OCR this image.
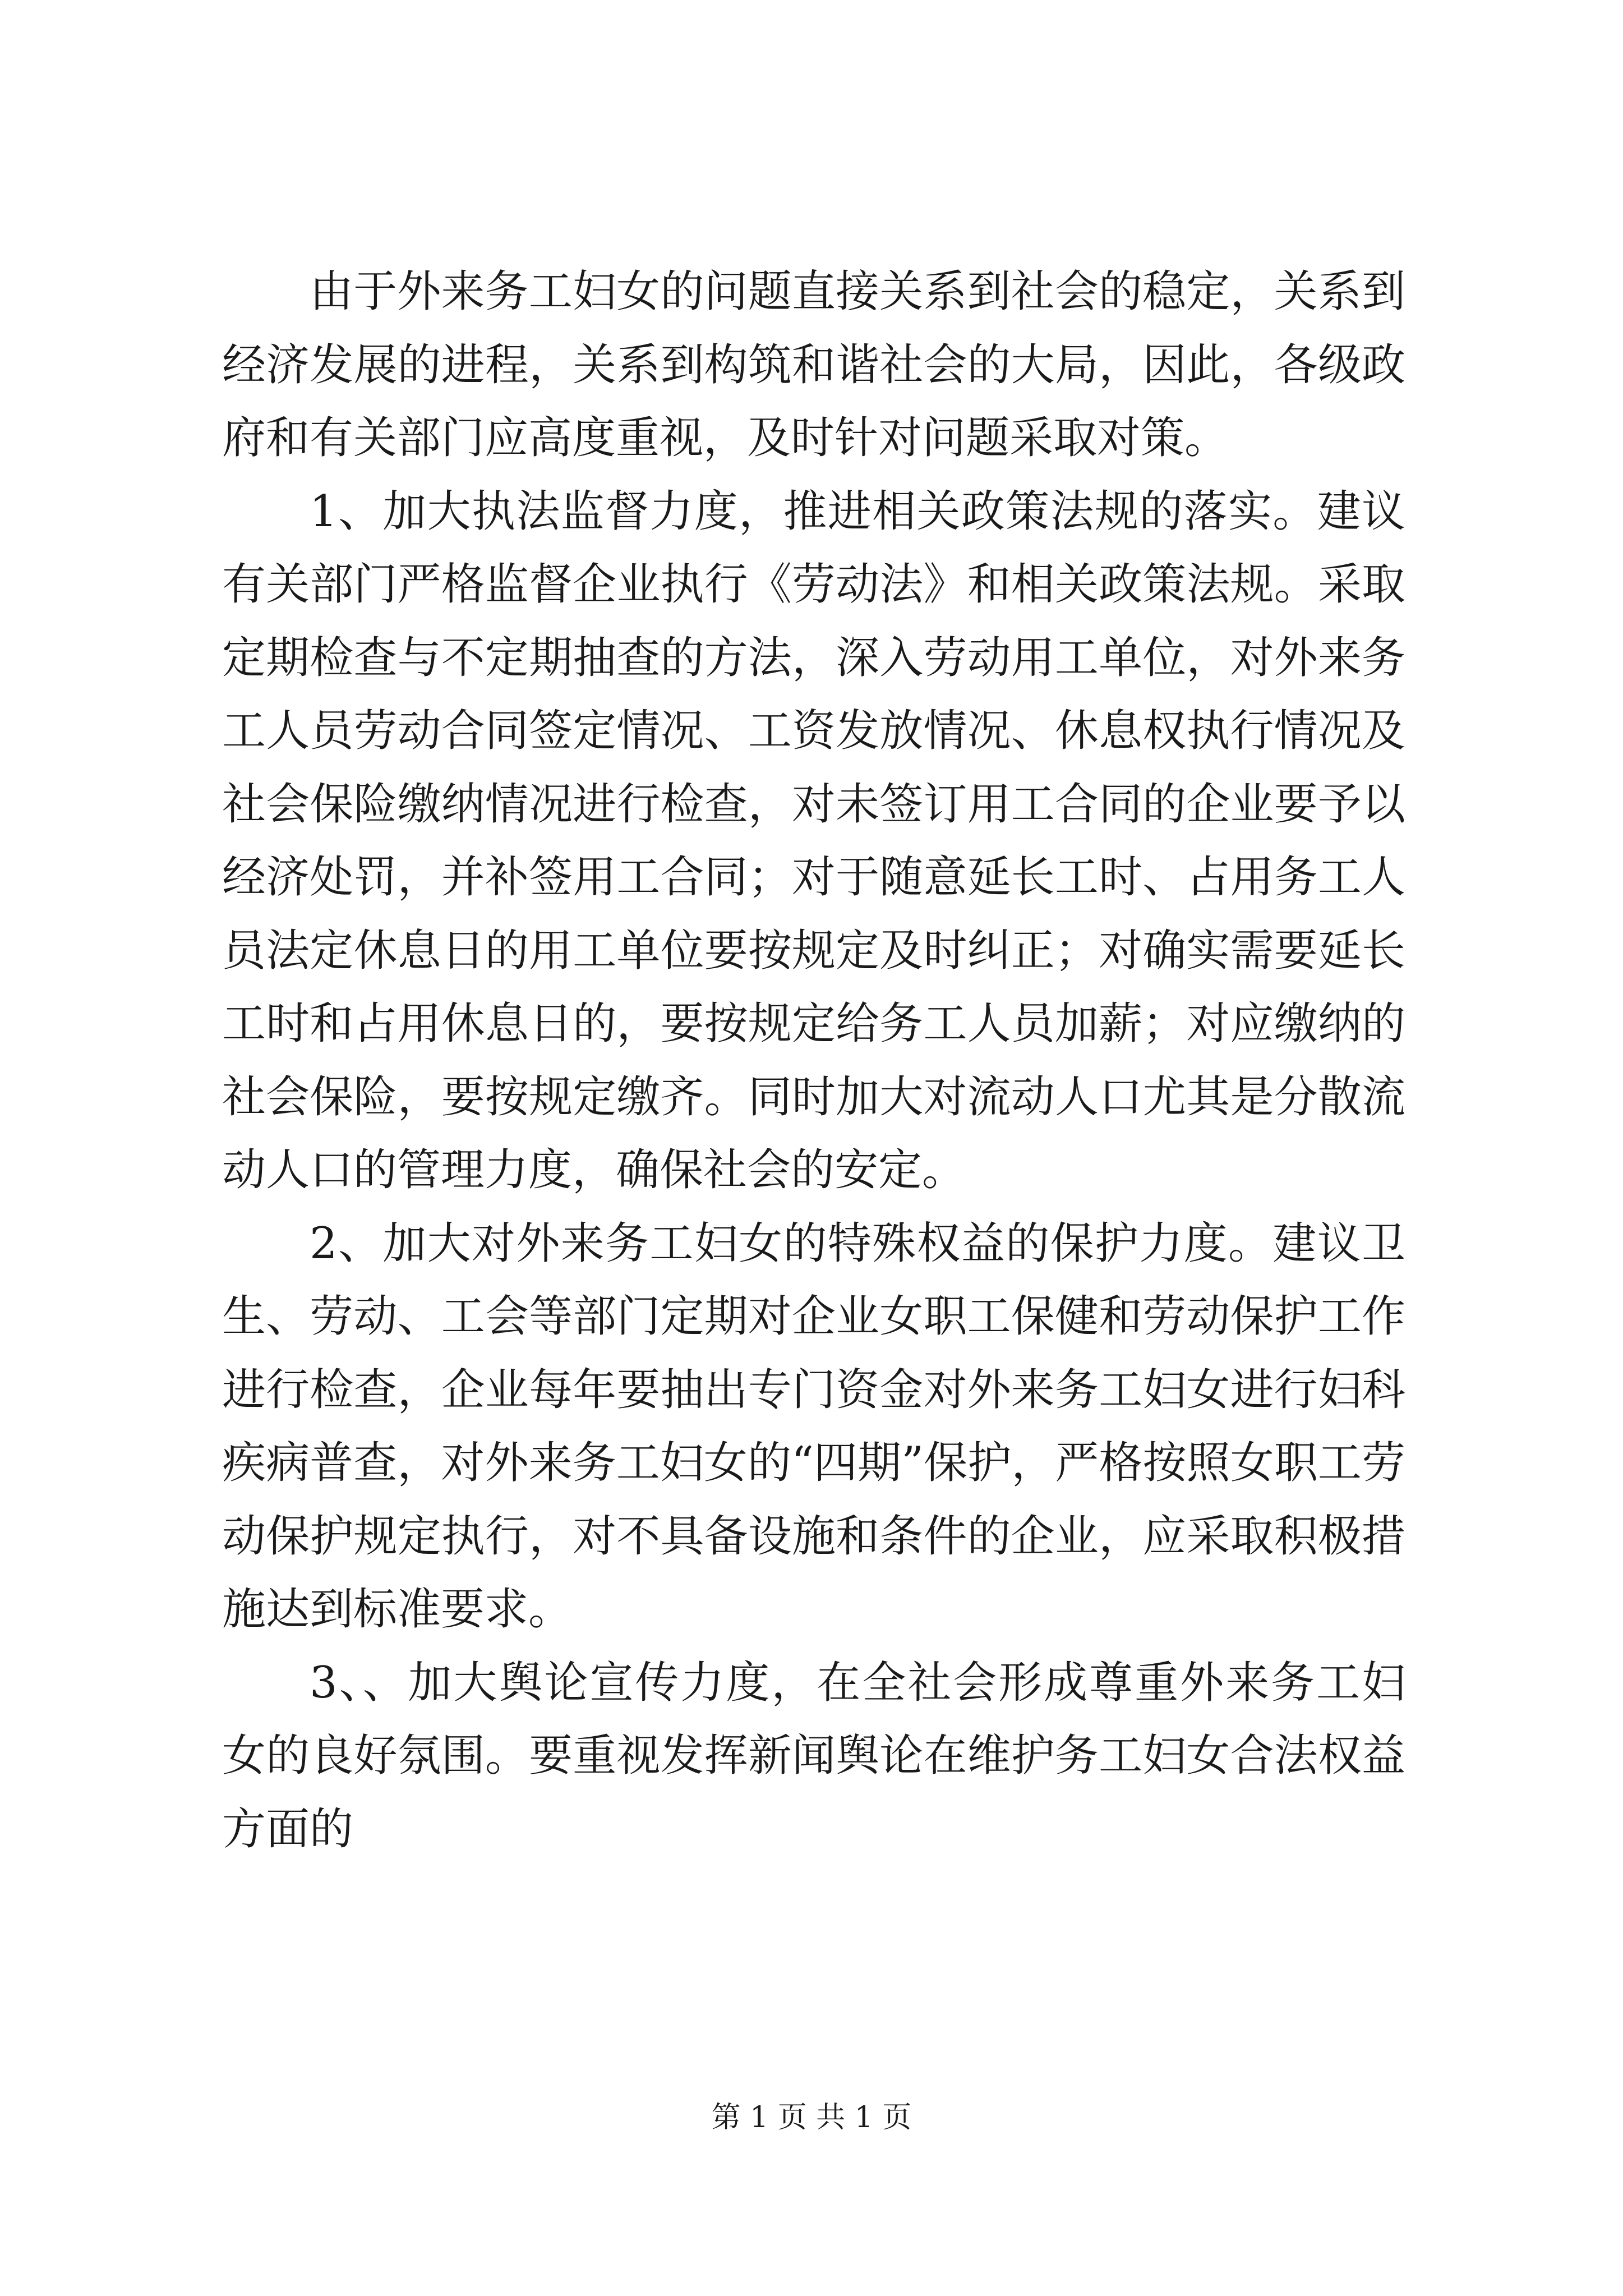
由于外来务工妇女的问题直接关系到社会的稳定，关系到经济发展的进程，关系到构筑和谐社会的大局，因此，各级政府和有关部门应高度重视，及时针对问题采取对策。

1、加大执法监督力度，推进相关政策法规的落实。建议有关部门严格监督企业执行《劳动法》和相关政策法规。采取定期检查与不定期抽查的方法，深入劳动用工单位，对外来务工人员劳动合同签定情况、工资发放情况、休息权执行情况及社会保险缴纳情况进行检查，对未签订用工合同的企业要予以经济处罚，并补签用工合同；对于随意延长工时、占用务工人员法定休息日的用工单位要按规定及时纠正；对确实需要延长工时和占用休息日的，要按规定给务工人员加薪；对应缴纳的社会保险，要按规定缴齐。同时加大对流动人口尤其是分散流动人口的管理力度，确保社会的安定。

2、加大对外来务工妇女的特殊权益的保护力度。建议卫生、劳动、工会等部门定期对企业女职工保健和劳动保护工作进行检查，企业每年要抽出专门资金对外来务工妇女进行妇科疾病普查，对外来务工妇女的“四期”保护，严格按照女职工劳动保护规定执行，对不具备设施和条件的企业，应采取积极措施达到标准要求。

3、、加大舆论宣传力度，在全社会形成尊重外来务工妇女的良好氛围。要重视发挥新闻舆论在维护务工妇女合法权益方面的

第 1 页 共 1 页
